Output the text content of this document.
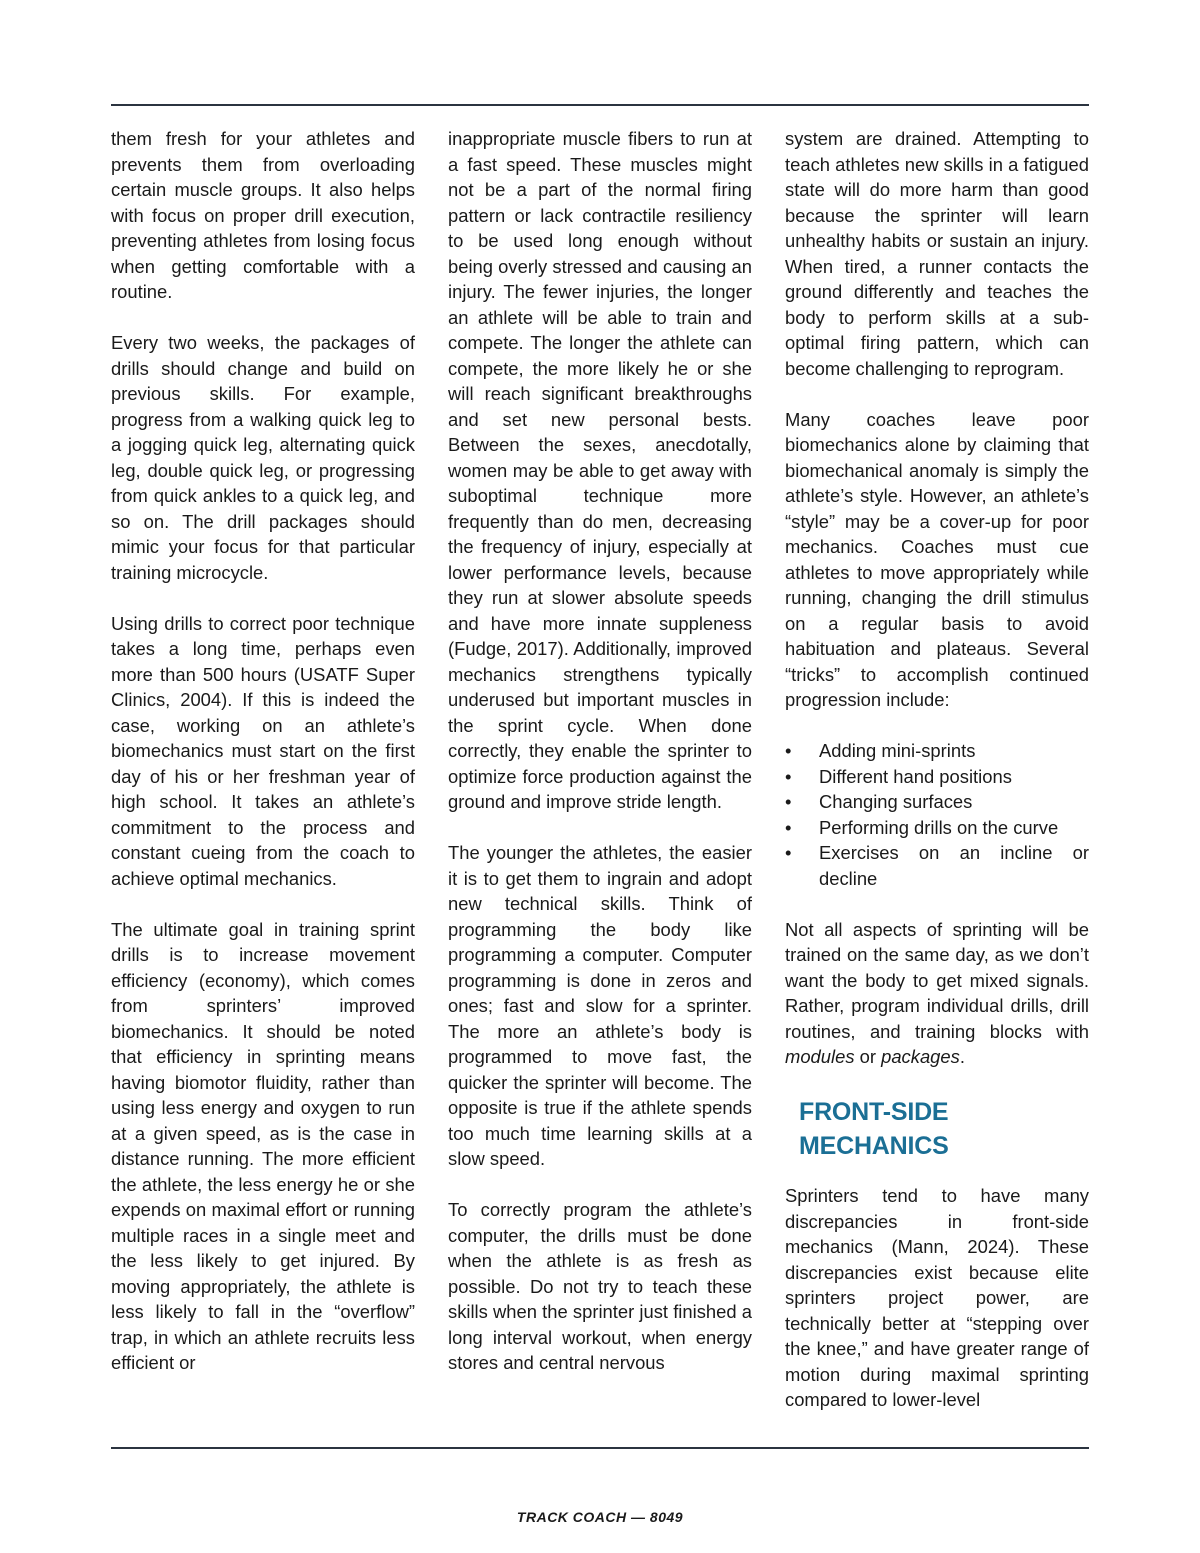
them fresh for your athletes and prevents them from overloading certain muscle groups. It also helps with focus on proper drill execution, preventing athletes from losing focus when getting comfortable with a routine.

Every two weeks, the packages of drills should change and build on previous skills. For example, progress from a walking quick leg to a jogging quick leg, alternating quick leg, double quick leg, or progressing from quick ankles to a quick leg, and so on. The drill packages should mimic your focus for that particular training microcycle.

Using drills to correct poor technique takes a long time, perhaps even more than 500 hours (USATF Super Clinics, 2004). If this is indeed the case, working on an athlete’s biomechanics must start on the first day of his or her freshman year of high school. It takes an athlete’s commitment to the process and constant cueing from the coach to achieve optimal mechanics.

The ultimate goal in training sprint drills is to increase movement efficiency (economy), which comes from sprinters’ improved biomechanics. It should be noted that efficiency in sprinting means having biomotor fluidity, rather than using less energy and oxygen to run at a given speed, as is the case in distance running. The more efficient the athlete, the less energy he or she expends on maximal effort or running multiple races in a single meet and the less likely to get injured. By moving appropriately, the athlete is less likely to fall in the “overflow” trap, in which an athlete recruits less efficient or

inappropriate muscle fibers to run at a fast speed. These muscles might not be a part of the normal firing pattern or lack contractile resiliency to be used long enough without being overly stressed and causing an injury. The fewer injuries, the longer an athlete will be able to train and compete. The longer the athlete can compete, the more likely he or she will reach significant breakthroughs and set new personal bests. Between the sexes, anecdotally, women may be able to get away with suboptimal technique more frequently than do men, decreasing the frequency of injury, especially at lower performance levels, because they run at slower absolute speeds and have more innate suppleness (Fudge, 2017). Additionally, improved mechanics strengthens typically underused but important muscles in the sprint cycle. When done correctly, they enable the sprinter to optimize force production against the ground and improve stride length.

The younger the athletes, the easier it is to get them to ingrain and adopt new technical skills. Think of programming the body like programming a computer. Computer programming is done in zeros and ones; fast and slow for a sprinter. The more an athlete’s body is programmed to move fast, the quicker the sprinter will become. The opposite is true if the athlete spends too much time learning skills at a slow speed.

To correctly program the athlete’s computer, the drills must be done when the athlete is as fresh as possible. Do not try to teach these skills when the sprinter just finished a long interval workout, when energy stores and central nervous

system are drained. Attempting to teach athletes new skills in a fatigued state will do more harm than good because the sprinter will learn unhealthy habits or sustain an injury. When tired, a runner contacts the ground differently and teaches the body to perform skills at a sub-optimal firing pattern, which can become challenging to reprogram.

Many coaches leave poor biomechanics alone by claiming that biomechanical anomaly is simply the athlete’s style. However, an athlete’s “style” may be a cover-up for poor mechanics. Coaches must cue athletes to move appropriately while running, changing the drill stimulus on a regular basis to avoid habituation and plateaus. Several “tricks” to accomplish continued progression include:

•	Adding mini-sprints
•	Different hand positions
•	Changing surfaces
•	Performing drills on the curve
•	Exercises on an incline or decline

Not all aspects of sprinting will be trained on the same day, as we don’t want the body to get mixed signals. Rather, program individual drills, drill routines, and training blocks with modules or packages.

FRONT-SIDE MECHANICS

Sprinters tend to have many discrepancies in front-side mechanics (Mann, 2024). These discrepancies exist because elite sprinters project power, are technically better at “stepping over the knee,” and have greater range of motion during maximal sprinting compared to lower-level

TRACK COACH — 8049
